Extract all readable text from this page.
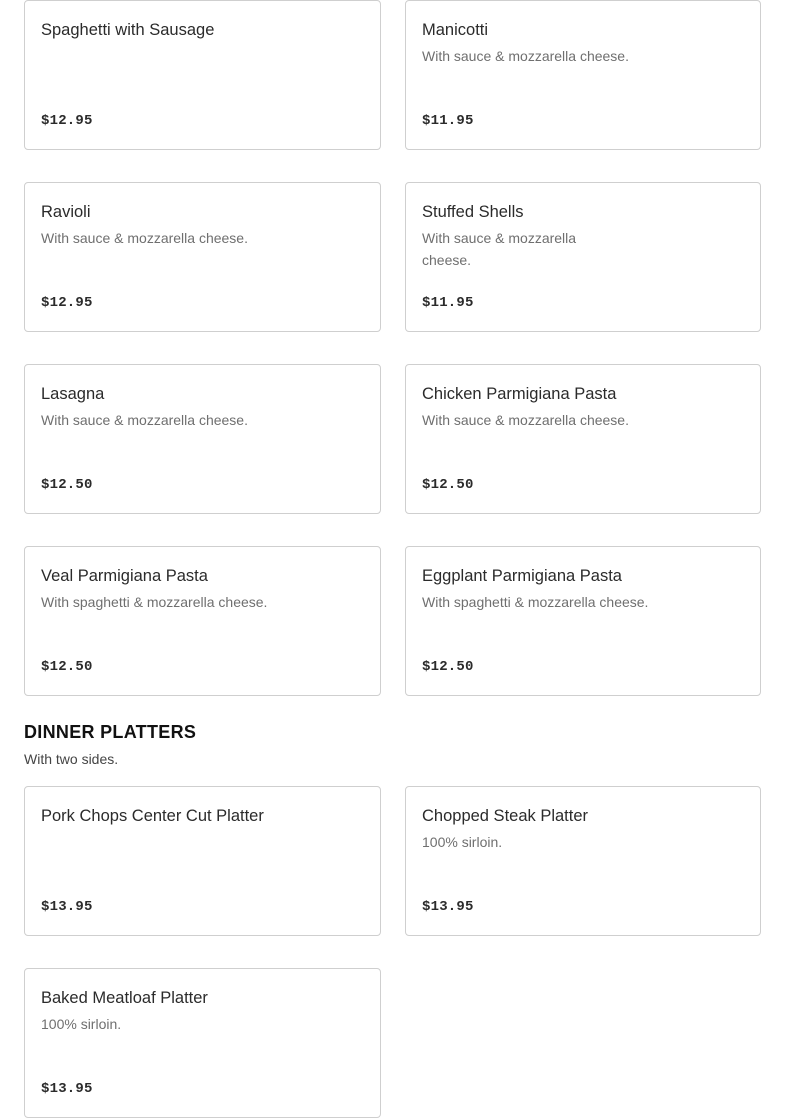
Spaghetti with Sausage

$12.95

Manicotti

With sauce & mozzarella cheese.

$11.95

Ravioli

With sauce & mozzarella cheese.

$12.95

Stuffed Shells

With sauce & mozzarella cheese.

$11.95

Lasagna

With sauce & mozzarella cheese.

$12.50

Chicken Parmigiana Pasta

With sauce & mozzarella cheese.

$12.50

Veal Parmigiana Pasta

With spaghetti & mozzarella cheese.

$12.50

Eggplant Parmigiana Pasta

With spaghetti & mozzarella cheese.

$12.50
DINNER PLATTERS

With two sides.

Pork Chops Center Cut Platter

$13.95

Chopped Steak Platter

100% sirloin.

$13.95

Baked Meatloaf Platter

100% sirloin.

$13.95
